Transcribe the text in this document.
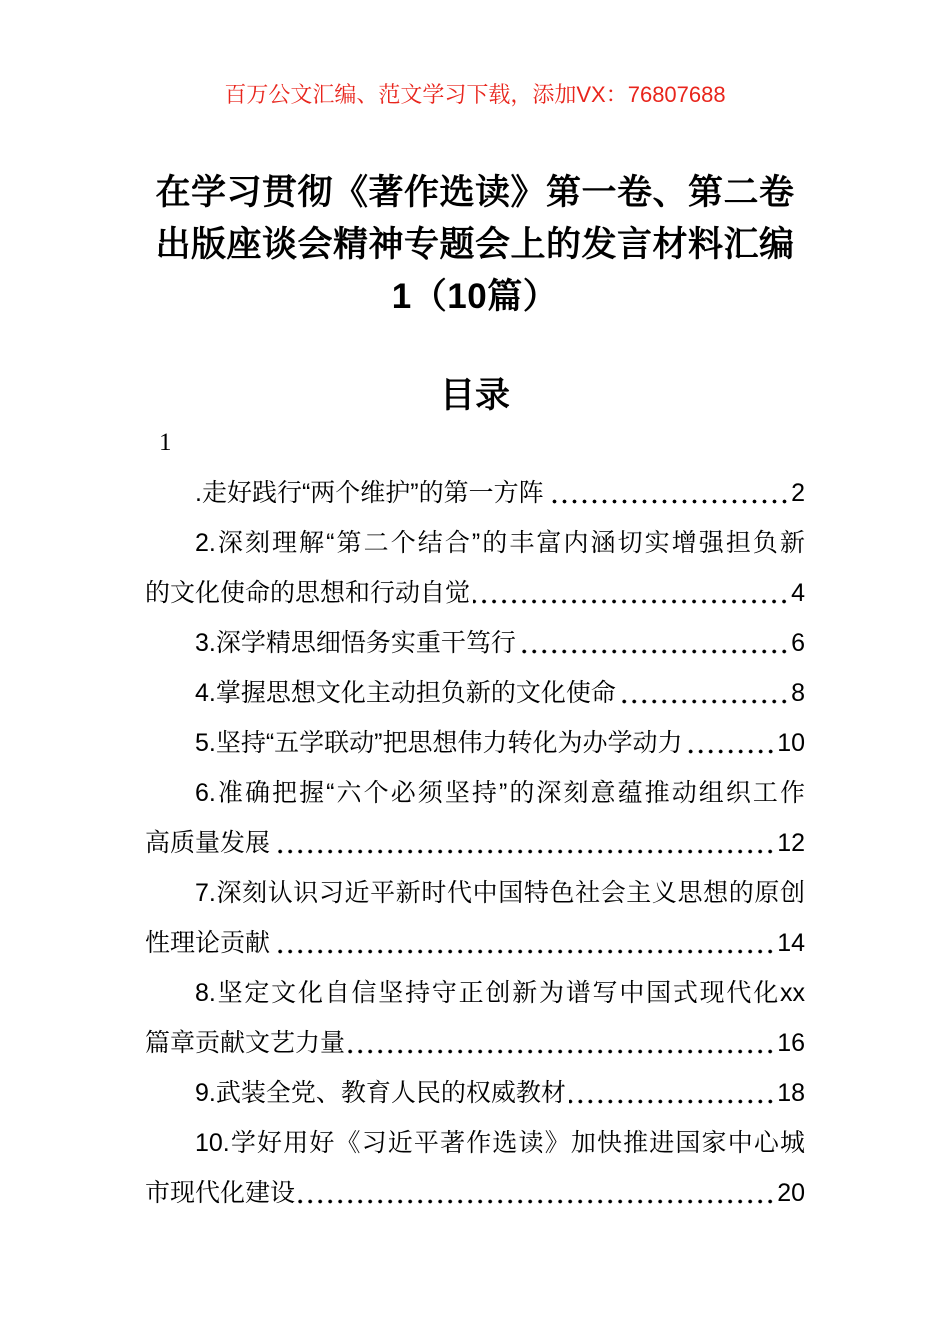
百万公文汇编、范文学习下载，添加VX：76807688
在学习贯彻《著作选读》第一卷、第二卷
出版座谈会精神专题会上的发言材料汇编
1（10篇）
目录
1
.走好践行“两个维护”的第一方阵	2
2.深刻理解“第二个结合”的丰富内涵切实增强担负新
的文化使命的思想和行动自觉	4
3.深学精思细悟务实重干笃行	6
4.掌握思想文化主动担负新的文化使命	8
5.坚持“五学联动”把思想伟力转化为办学动力	10
6.准确把握“六个必须坚持”的深刻意蕴推动组织工作
高质量发展	12
7.深刻认识习近平新时代中国特色社会主义思想的原创
性理论贡献	14
8.坚定文化自信坚持守正创新为谱写中国式现代化xx
篇章贡献文艺力量	16
9.武装全党、教育人民的权威教材	18
10.学好用好《习近平著作选读》加快推进国家中心城
市现代化建设	20
